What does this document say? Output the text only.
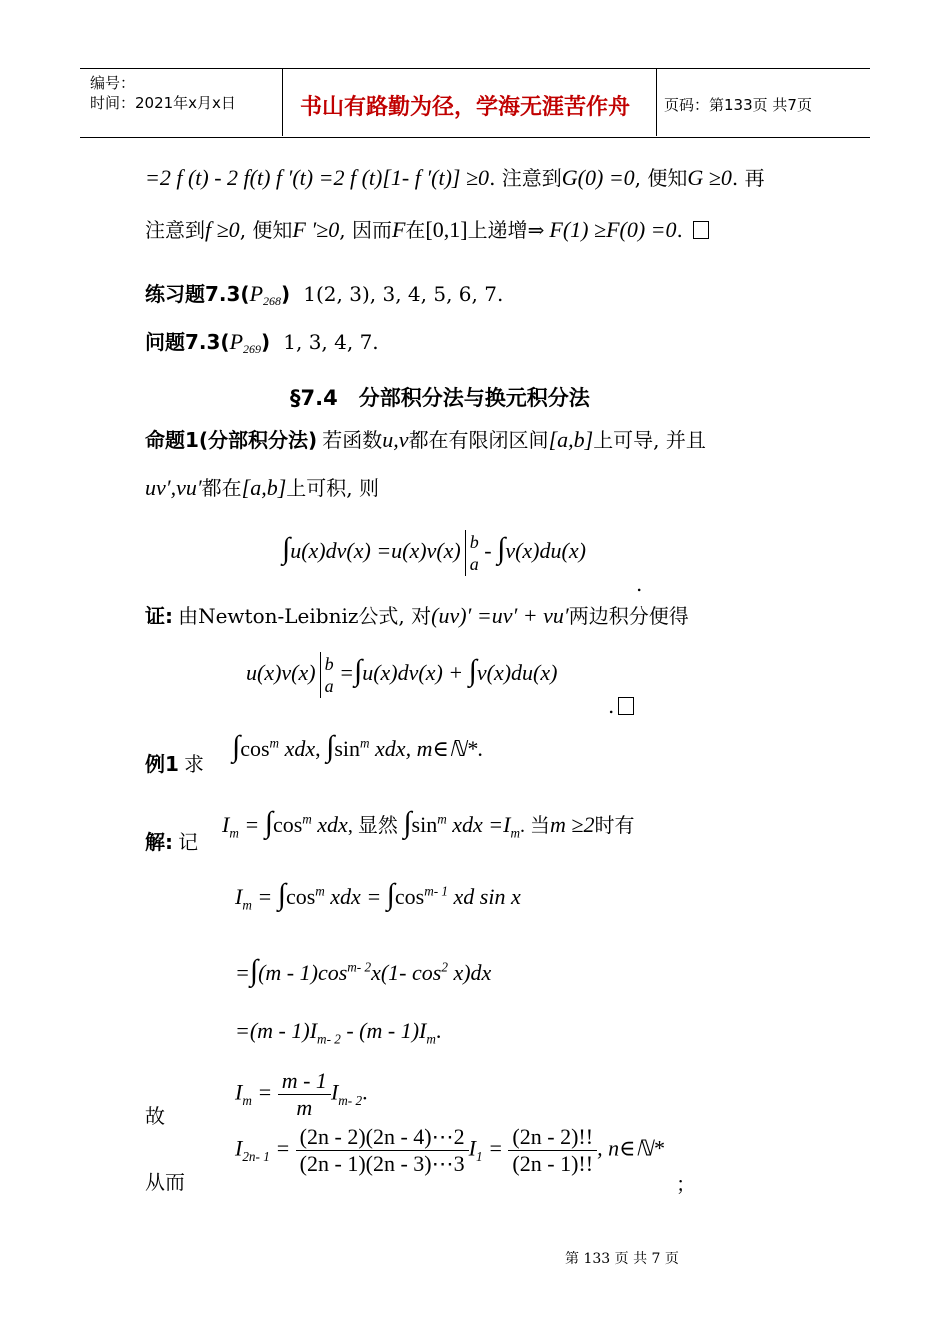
编号：
时间：2021年x月x日	书山有路勤为径，学海无涯苦作舟 页码：第133页 共7页
=2 f (t) - 2 f(t) f ′(t) =2 f (t)[1- f ′(t)] ≥0. 注意到G(0) =0, 便知G ≥0. 再
注意到f ≥0, 便知F ′≥0, 因而F在[0,1]上递增⇒ F(1) ≥F(0) =0.
练习题$7.3(P_{268})$ 1(2, 3), 3, 4, 5, 6, 7.
问题$7.3(P_{269})$ 1, 3, 4, 7.
§7.4　分部积分法与换元积分法
命题1(分部积分法) 若函数u,v都在有限闭区间[a,b]上可导, 并且
uv′,vu′都在[a,b]上可积, 则
∫u(x)dv(x) =u(x)v(x) b
a
- ∫v(x)du(x)
.
证: 由Newton-Leibniz公式, 对(uv)′ =uv′ + vu′两边积分便得
u(x)v(x) b
a
=∫u(x)dv(x) + ∫v(x)du(x)
.
例1 求
$\int\cos^m$ xdx, $\int\sin^m$ xdx, m∈ℕ*.
解: 记
$I_m = \int\cos^m$ xdx, 显然 $\int\sin^m$ xdx $=I_m$. 当m ≥2时有
$I_m = \int\cos^m$ xdx = $\int\cos^{m- 1}$ xd sin x
$=\int(m - 1)\cos^{m- 2}x(1-$ $\cos^2 x)dx$
$=(m - 1)I_{m- 2} - (m - 1)I_m$.
故
$I_m = \frac{m - 1}{m} I_{m- 2}$.
从而
$I_{2n- 1} = \frac{(2n - 2)(2n - 4)\cdots 2}{(2n - 1)(2n - 3)\cdots 3} I_1 = \frac{(2n - 2)!!}{(2n - 1)!!}$ , n∈ℕ*
；
第 133 页 共 7 页
